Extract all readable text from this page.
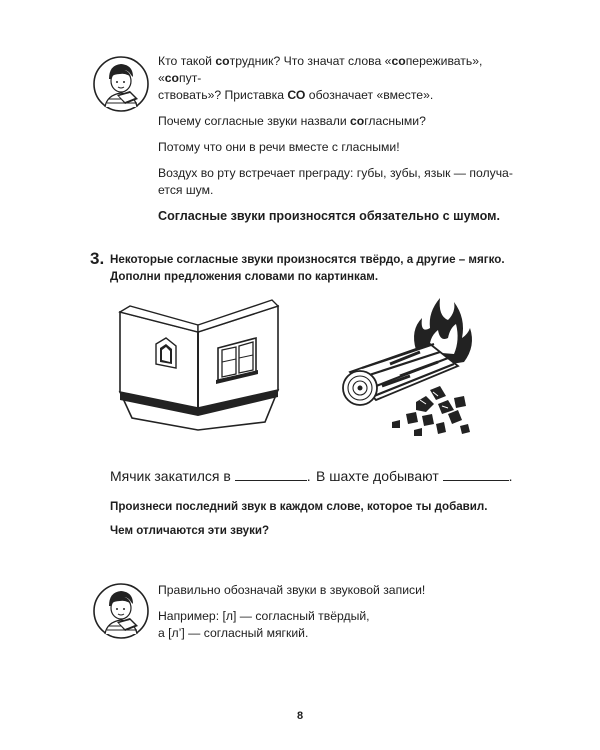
Кто такой сотрудник? Что значат слова «сопереживать», «сопут-
ствовать»? Приставка СО обозначает «вместе».

Почему согласные звуки назвали согласными?

Потому что они в речи вместе с гласными!

Воздух во рту встречает преграду: губы, зубы, язык — получа-
ется шум.

Согласные звуки произносятся обязательно с шумом.

3. Некоторые согласные звуки произносятся твёрдо, а другие – мягко.
Дополни предложения словами по картинкам.
Мячик закатился в	. В шахте добывают	.
Произнеси последний звук в каждом слове, которое ты добавил.
Чем отличаются эти звуки?

Правильно обозначай звуки в звуковой записи!

Например: [л] — согласный твёрдый,
а [л’] — согласный мягкий.

8
